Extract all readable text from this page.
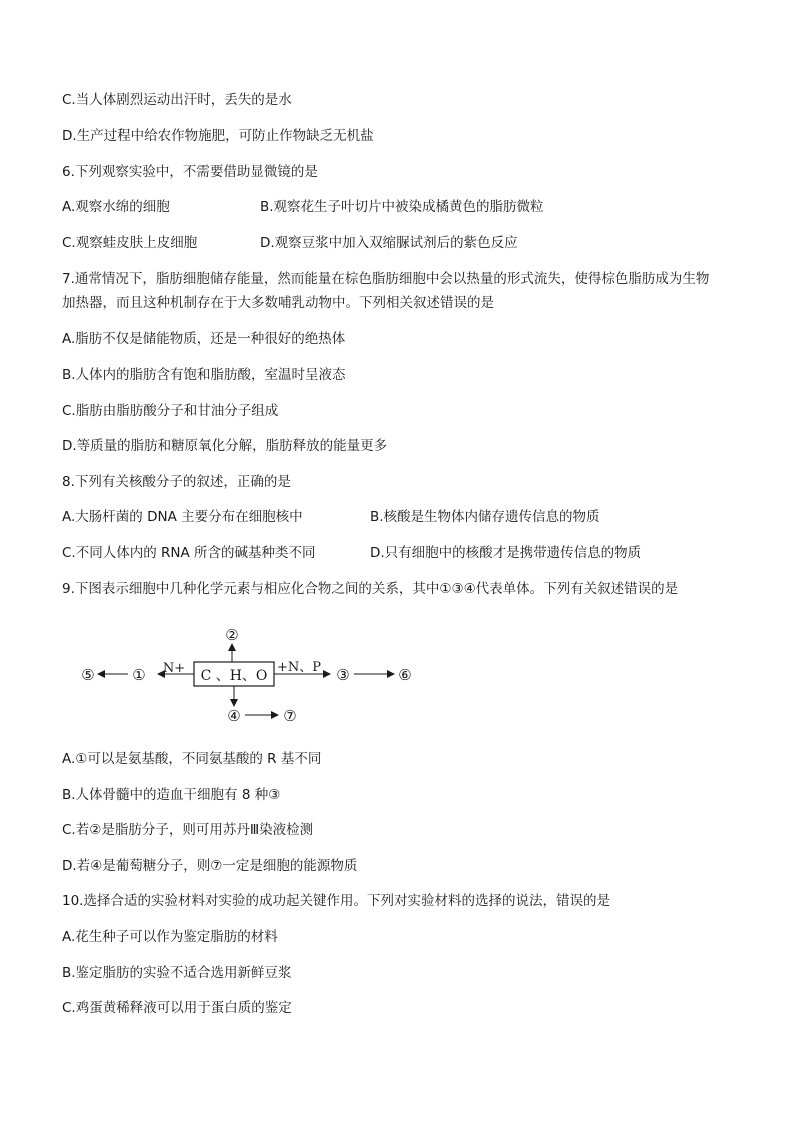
C.当人体剧烈运动出汗时，丢失的是水
D.生产过程中给农作物施肥，可防止作物缺乏无机盐
6.下列观察实验中，不需要借助显微镜的是
A.观察水绵的细胞	B.观察花生子叶切片中被染成橘黄色的脂肪微粒
C.观察蛙皮肤上皮细胞	D.观察豆浆中加入双缩脲试剂后的紫色反应
7.通常情况下，脂肪细胞储存能量，然而能量在棕色脂肪细胞中会以热量的形式流失，使得棕色脂肪成为生物
加热器，而且这种机制存在于大多数哺乳动物中。下列相关叙述错误的是
A.脂肪不仅是储能物质，还是一种很好的绝热体
B.人体内的脂肪含有饱和脂肪酸，室温时呈液态
C.脂肪由脂肪酸分子和甘油分子组成
D.等质量的脂肪和糖原氧化分解，脂肪释放的能量更多
8.下列有关核酸分子的叙述，正确的是
A.大肠杆菌的 DNA 主要分布在细胞核中	B.核酸是生物体内储存遗传信息的物质
C.不同人体内的 RNA 所含的碱基种类不同	D.只有细胞中的核酸才是携带遗传信息的物质
9.下图表示细胞中几种化学元素与相应化合物之间的关系，其中①③④代表单体。下列有关叙述错误的是
C 、H、O
②
N+
①
⑤	+N、P ③	⑥
④	⑦
A.①可以是氨基酸，不同氨基酸的 R 基不同
B.人体骨髓中的造血干细胞有 8 种③
C.若②是脂肪分子，则可用苏丹Ⅲ染液检测
D.若④是葡萄糖分子，则⑦一定是细胞的能源物质
10.选择合适的实验材料对实验的成功起关键作用。下列对实验材料的选择的说法，错误的是
A.花生种子可以作为鉴定脂肪的材料
B.鉴定脂肪的实验不适合选用新鲜豆浆
C.鸡蛋黄稀释液可以用于蛋白质的鉴定
